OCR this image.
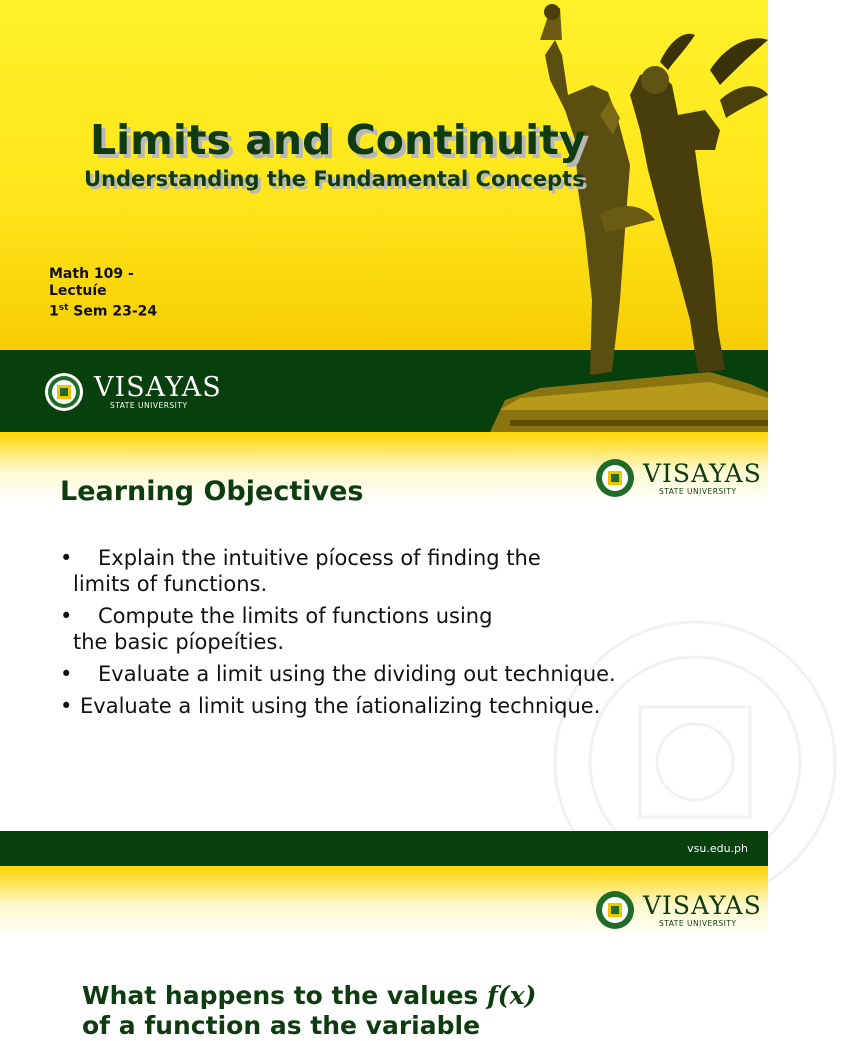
Limits and Continuity
Understanding the Fundamental Concepts
Math 109 -
Lectuíe
1st Sem 23-24
VISAYAS
STATE UNIVERSITY
VISAYAS
STATE UNIVERSITY
Learning Objectives
• Explain the intuitive píocess of finding the
limits of functions.
• Compute the limits of functions using
the basic píopeíties.
• Evaluate a limit using the dividing out technique.
• Evaluate a limit using the íationalizing technique.
vsu.edu.ph
VISAYAS
STATE UNIVERSITY
What happens to the values f(x)
of a function as the variable
